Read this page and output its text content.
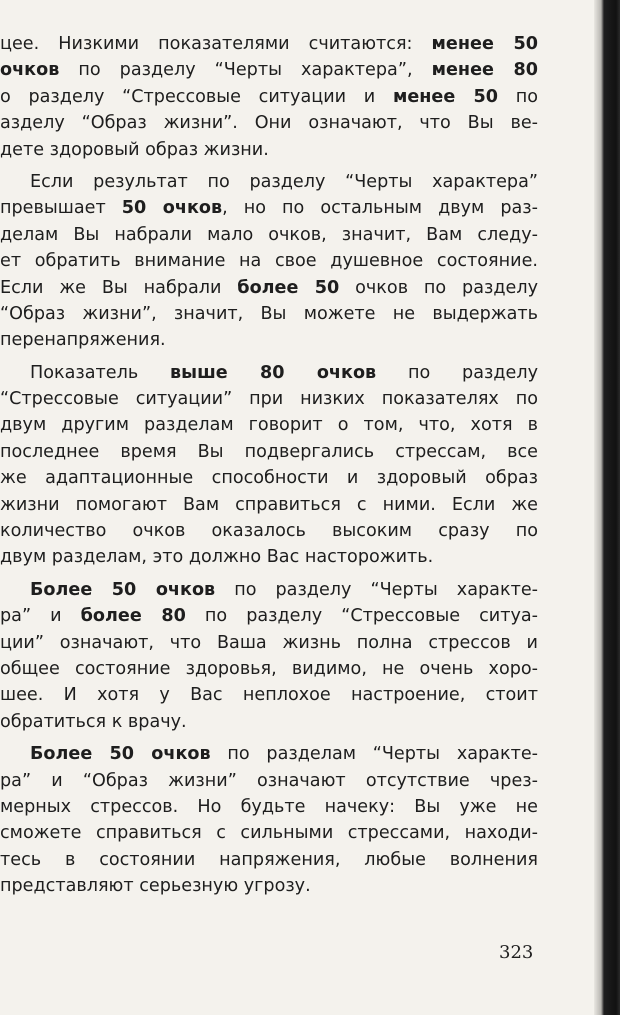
цее. Низкими показателями считаются: менее 50
очков по разделу “Черты характера”, менее 80
о разделу “Стрессовые ситуации и менее 50 по
азделу “Образ жизни”. Они означают, что Вы ве-
дете здоровый образ жизни.
Если результат по разделу “Черты характера”
превышает 50 очков, но по остальным двум раз-
делам Вы набрали мало очков, значит, Вам следу-
ет обратить внимание на свое душевное состояние.
Если же Вы набрали более 50 очков по разделу
“Образ жизни”, значит, Вы можете не выдержать
перенапряжения.
Показатель выше 80 очков по разделу
“Стрессовые ситуации” при низких показателях по
двум другим разделам говорит о том, что, хотя в
последнее время Вы подвергались стрессам, все
же адаптационные способности и здоровый образ
жизни помогают Вам справиться с ними. Если же
количество очков оказалось высоким сразу по
двум разделам, это должно Вас насторожить.
Более 50 очков по разделу “Черты характе-
ра” и более 80 по разделу “Стрессовые ситуа-
ции” означают, что Ваша жизнь полна стрессов и
общее состояние здоровья, видимо, не очень хоро-
шее. И хотя у Вас неплохое настроение, стоит
обратиться к врачу.
Более 50 очков по разделам “Черты характе-
ра” и “Образ жизни” означают отсутствие чрез-
мерных стрессов. Но будьте начеку: Вы уже не
сможете справиться с сильными стрессами, находи-
тесь в состоянии напряжения, любые волнения
представляют серьезную угрозу.
323
